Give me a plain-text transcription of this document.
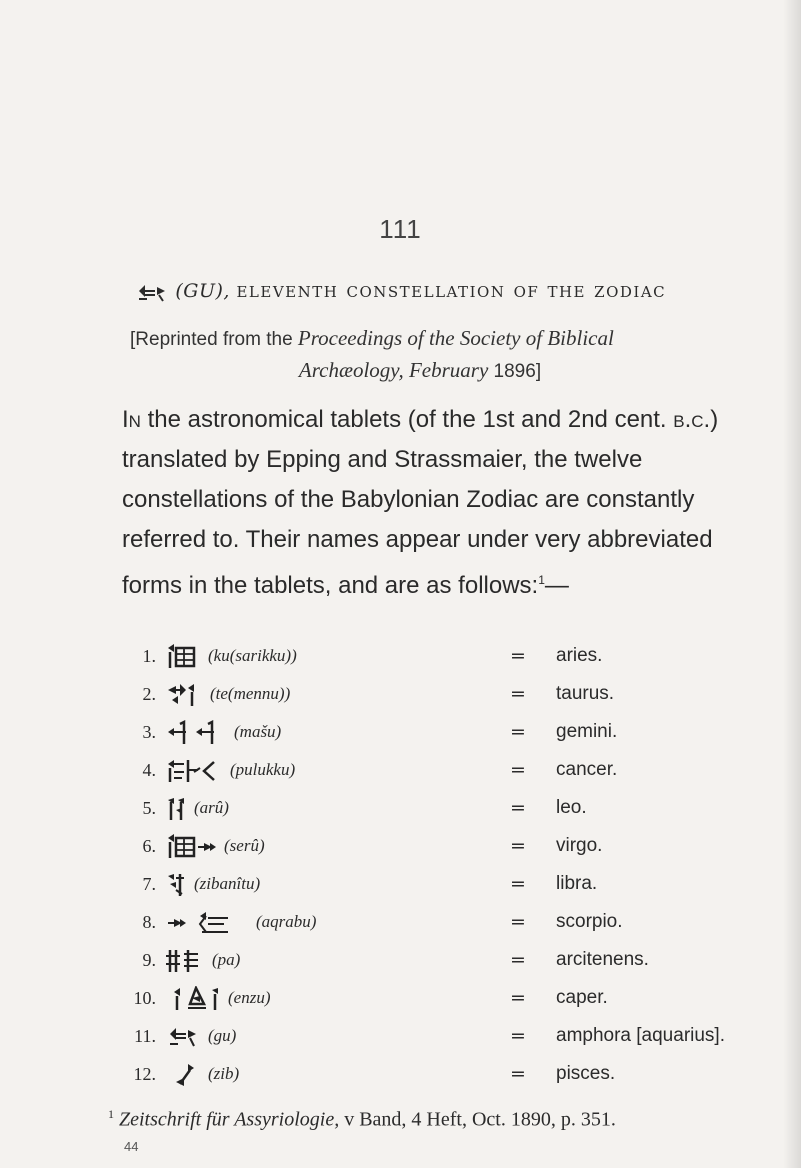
111
(GU), eleventh constellation of the zodiac
[Reprinted from the Proceedings of the Society of Biblical
Archæology, February 1896]
In the astronomical tablets (of the 1st and 2nd cent. b.c.) translated by Epping and Strassmaier, the twelve constellations of the Babylonian Zodiac are constantly referred to. Their names appear under very abbreviated forms in the tablets, and are as follows:$^1$—
1.	(ku(sarikku))	= aries.
2.	(te(mennu))	= taurus.
3.	(mašu)	= gemini.
4.	(pulukku)	= cancer.
5. (arû)	= leo.
6.	(serû)	= virgo.
7. (zibanîtu)	= libra.
8.	(aqrabu)	= scorpio.
9.	(pa)	= arcitenens.
10.	(enzu)	= caper.
11.	(gu)	= amphora [aquarius].
12.	(zib)	= pisces.
$^1$ Zeitschrift für Assyriologie, v Band, 4 Heft, Oct. 1890, p. 351.
44
